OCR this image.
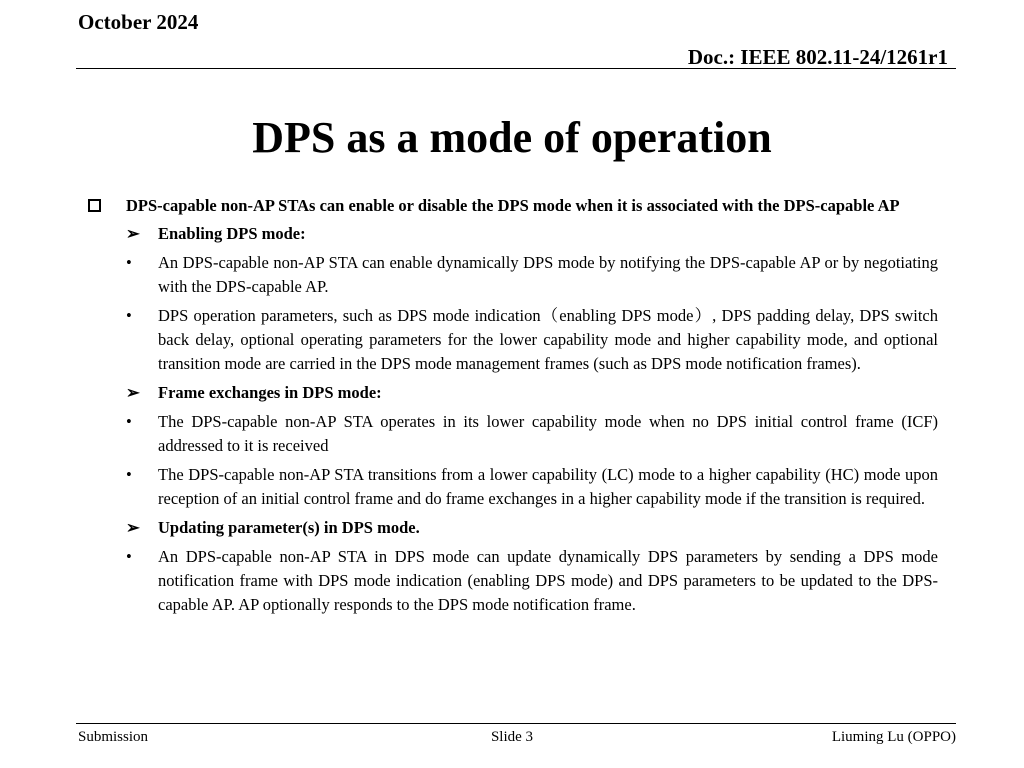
October 2024
Doc.: IEEE 802.11-24/1261r1
DPS as a mode of operation
DPS-capable non-AP STAs can enable or disable the DPS mode when it is associated with the DPS-capable AP
➢ Enabling DPS mode:
• An DPS-capable non-AP STA can enable dynamically DPS mode by notifying the DPS-capable AP or by negotiating with the DPS-capable AP.
• DPS operation parameters, such as DPS mode indication（enabling DPS mode）, DPS padding delay, DPS switch back delay, optional operating parameters for the lower capability mode and higher capability mode, and optional transition mode are carried in the DPS mode management frames (such as DPS mode notification frames).
➢ Frame exchanges in DPS mode:
• The DPS-capable non-AP STA operates in its lower capability mode when no DPS initial control frame (ICF) addressed to it is received
• The DPS-capable non-AP STA transitions from a lower capability (LC) mode to a higher capability (HC) mode upon reception of an initial control frame and do frame exchanges in a higher capability mode if the transition is required.
➢ Updating parameter(s) in DPS mode.
• An DPS-capable non-AP STA in DPS mode can update dynamically DPS parameters by sending a DPS mode notification frame with DPS mode indication (enabling DPS mode) and DPS parameters to be updated to the DPS-capable AP. AP optionally responds to the DPS mode notification frame.
Submission	Slide 3	Liuming Lu (OPPO)
